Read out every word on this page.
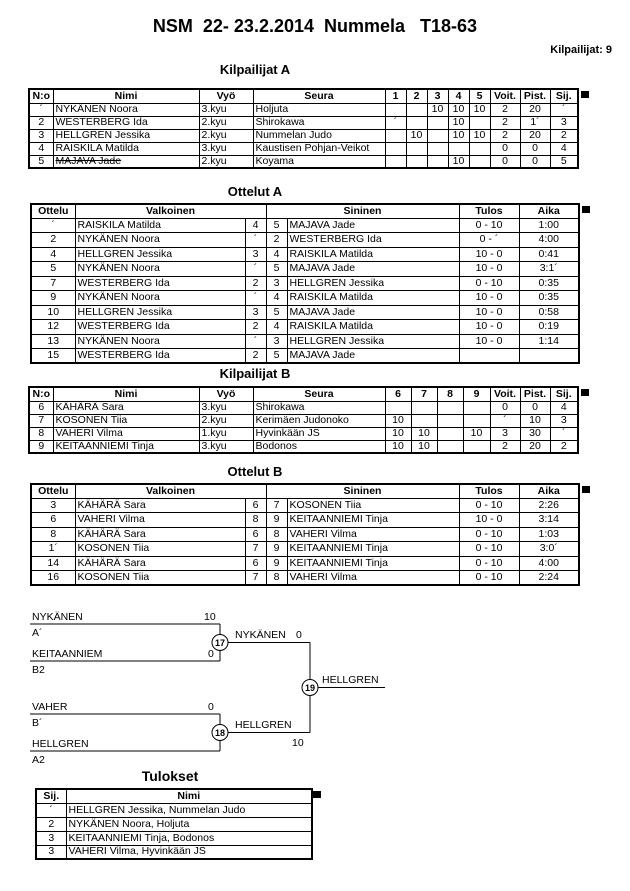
NSM  22- 23.2.2014  Nummela   T18-63
Kilpailijat: 9
Kilpailijat A
N:o	Nimi	Vyö	Seura	1	2	3	4	5	Voit.	Pist.	Sij.
´	NYKÄNEN Noora	3.kyu	Holjuta			10	10	10	2	20	´
2	WESTERBERG Ida	2.kyu	Shirokawa	´			10		2	1´	3
3	HELLGREN Jessika	2.kyu	Nummelan Judo		10		10	10	2	20	2
4	RAISKILA Matilda	3.kyu	Kaustisen Pohjan-Veikot						0	0	4
5	MAJAVA Jade	2.kyu	Koyama				10		0	0	5
Ottelut A
Ottelu	Valkoinen		Sininen		Tulos	Aika
´	RAISKILA Matilda	4	5	MAJAVA Jade	0 - 10	1:00
2	NYKÄNEN Noora	´	2	WESTERBERG Ida	0 - ´	4:00
4	HELLGREN Jessika	3	4	RAISKILA Matilda	10 - 0	0:41
5	NYKÄNEN Noora	´	5	MAJAVA Jade	10 - 0	3:1´
7	WESTERBERG Ida	2	3	HELLGREN Jessika	0 - 10	0:35
9	NYKÄNEN Noora	´	4	RAISKILA Matilda	10 - 0	0:35
10	HELLGREN Jessika	3	5	MAJAVA Jade	10 - 0	0:58
12	WESTERBERG Ida	2	4	RAISKILA Matilda	10 - 0	0:19
13	NYKÄNEN Noora	´	3	HELLGREN Jessika	10 - 0	1:14
15	WESTERBERG Ida	2	5	MAJAVA Jade		
Kilpailijat B
N:o	Nimi	Vyö	Seura	6	7	8	9	Voit.	Pist.	Sij.
6	KÄHÄRÄ Sara	3.kyu	Shirokawa					0	0	4
7	KOSONEN Tiia	2.kyu	Kerimäen Judonoko	10				´	10	3
8	VAHERI Vilma	1.kyu	Hyvinkään JS	10	10		10	3	30	´
9	KEITAANNIEMI Tinja	3.kyu	Bodonos	10	10			2	20	2
Ottelut B
Ottelu	Valkoinen		Sininen		Tulos	Aika
3	KÄHÄRÄ Sara	6	7	KOSONEN Tiia	0 - 10	2:26
6	VAHERI Vilma	8	9	KEITAANNIEMI Tinja	10 - 0	3:14
8	KÄHÄRÄ Sara	6	8	VAHERI Vilma	0 - 10	1:03
1´	KOSONEN Tiia	7	9	KEITAANNIEMI Tinja	0 - 10	3:0´
14	KÄHÄRÄ Sara	6	9	KEITAANNIEMI Tinja	0 - 10	4:00
16	KOSONEN Tiia	7	8	VAHERI Vilma	0 - 10	2:24
NYKÄNEN
A´
10
KEITAANNIEM
B2
0
NYKÄNEN 0
VAHER
B´
0
HELLGREN
A2
HELLGREN
10
HELLGREN
17
18
19
Tulokset
Sij.	Nimi
´	HELLGREN Jessika, Nummelan Judo
2	NYKÄNEN Noora, Holjuta
3	KEITAANNIEMI Tinja, Bodonos
3	VAHERI Vilma, Hyvinkään JS
